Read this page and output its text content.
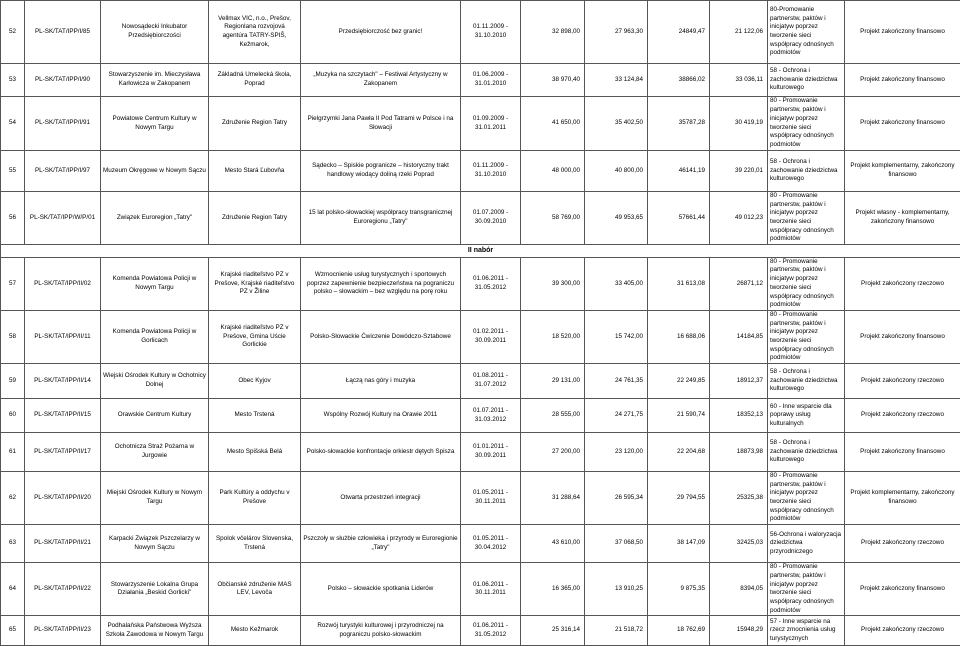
52	PL-SK/TAT/IPP/I/85	Nowosądecki Inkubator Przedsiębiorczości	Vellmax VIC, n.o., Prešov, Regionlana rozvojová agentúra TATRY-SPIŠ, Kežmarok,	Przedsiębiorczość bez granic!	01.11.2009 - 31.10.2010	32 898,00	27 963,30	24849,47	21 122,06	80-Promowanie partnerstw, paktów i inicjatyw poprzez tworzenie sieci współpracy odnośnych podmiotów	Projekt zakończony finansowo
53	PL-SK/TAT/IPP/I/90	Stowarzyszenie im. Mieczysława Karłowicza w Zakopanem	Základná Umelecká škola, Poprad	„Muzyka na szczytach" – Festiwal Artystyczny w Zakopanem	01.06.2009 - 31.01.2010	38 970,40	33 124,84	38866,02	33 036,11	58 - Ochrona i zachowanie dziedzictwa kulturowego	Projekt zakończony finansowo
54	PL-SK/TAT/IPP/I/91	Powiatowe Centrum Kultury w Nowym Targu	Združenie Region Tatry	Pielgrzymki Jana Pawła II Pod Tatrami w Polsce i na Słowacji	01.09.2009 - 31.01.2011	41 650,00	35 402,50	35787,28	30 419,19	80 - Promowanie partnerstw, paktów i inicjatyw poprzez tworzenie sieci współpracy odnośnych podmiotów	Projekt zakończony finansowo
55	PL-SK/TAT/IPP/I/97	Muzeum Okręgowe w Nowym Sączu	Mesto Stará Ľubovňa	Sądecko – Spiskie pogranicze – historyczny trakt handlowy wiodący doliną rzeki Poprad	01.11.2009 - 31.10.2010	48 000,00	40 800,00	46141,19	39 220,01	58 - Ochrona i zachowanie dziedzictwa kulturowego	Projekt komplementarny, zakończony finansowo
56	PL-SK/TAT/IPP/W/P/01	Związek Euroregion „Tatry"	Združenie Region Tatry	15 lat polsko-słowackiej współpracy transgranicznej Euroregionu „Tatry"	01.07.2009 - 30.09.2010	58 769,00	49 953,65	57661,44	49 012,23	80 - Promowanie partnerstw, paktów i inicjatyw poprzez tworzenie sieci współpracy odnośnych podmiotów	Projekt własny - komplementarny, zakończony finansowo
II nabór											
57	PL-SK/TAT/IPP/II/02	Komenda Powiatowa Policji w Nowym Targu	Krajské riaditeľstvo PZ v Prešove, Krajské riaditeľstvo PZ v Žiline	Wzmocnienie usług turystycznych i sportowych poprzez zapewnienie bezpieczeństwa na pograniczu polsko – słowackim – bez względu na porę roku	01.06.2011 - 31.05.2012	39 300,00	33 405,00	31 613,08	26871,12	80 - Promowanie partnerstw, paktów i inicjatyw poprzez tworzenie sieci współpracy odnośnych podmiotów	Projekt zakończony rzeczowo
58	PL-SK/TAT/IPP/II/11	Komenda Powiatowa Policji w Gorlicach	Krajské riaditeľstvo PZ v Prešove, Gmina Uście Gorlickie	Polsko-Słowackie Ćwiczenie Dowódczo-Sztabowe	01.02.2011 - 30.09.2011	18 520,00	15 742,00	16 688,06	14184,85	80 - Promowanie partnerstw, paktów i inicjatyw poprzez tworzenie sieci współpracy odnośnych podmiotów	Projekt zakończony finansowo
59	PL-SK/TAT/IPP/II/14	Wiejski Ośrodek Kultury w Ochotnicy Dolnej	Obec Kyjov	Łączą nas góry i muzyka	01.08.2011 - 31.07.2012	29 131,00	24 761,35	22 249,85	18912,37	58 - Ochrona i zachowanie dziedzictwa kulturowego	Projekt zakończony rzeczowo
60	PL-SK/TAT/IPP/II/15	Orawskie Centrum Kultury	Mesto Trstená	Wspólny Rozwój Kultury na Orawie 2011	01.07.2011 - 31.03.2012	28 555,00	24 271,75	21 590,74	18352,13	60 - Inne wsparcie dla poprawy usług kulturalnych	Projekt zakończony rzeczowo
61	PL-SK/TAT/IPP/II/17	Ochotnicza Straż Pożarna w Jurgowie	Mesto Spišská Belá	Polsko-słowackie konfrontacje orkiestr dętych Spisza	01.01.2011 - 30.09.2011	27 200,00	23 120,00	22 204,68	18873,98	58 - Ochrona i zachowanie dziedzictwa kulturowego	Projekt zakończony finansowo
62	PL-SK/TAT/IPP/II/20	Miejski Ośrodek Kultury w Nowym Targu	Park Kultúry a oddychu v Prešove	Otwarta przestrzeń integracji	01.05.2011 - 30.11.2011	31 288,64	26 595,34	29 794,55	25325,38	80 - Promowanie partnerstw, paktów i inicjatyw poprzez tworzenie sieci współpracy odnośnych podmiotów	Projekt komplementarny, zakończony finansowo
63	PL-SK/TAT/IPP/II/21	Karpacki Związek Pszczelarzy w Nowym Sączu	Spolok včelárov Slovenska, Trstená	Pszczoły w służbie człowieka i przyrody w Euroregionie „Tatry"	01.05.2011 - 30.04.2012	43 610,00	37 068,50	38 147,09	32425,03	56-Ochrona i waloryzacja dziedzictwa przyrodniczego	Projekt zakończony rzeczowo
64	PL-SK/TAT/IPP/II/22	Stowarzyszenie Lokalna Grupa Działania „Beskid Gorlicki"	Občianské združenie MAS LEV, Levoča	Polsko – słowackie spotkania Liderów	01.06.2011 - 30.11.2011	16 365,00	13 910,25	9 875,35	8394,05	80 - Promowanie partnerstw, paktów i inicjatyw poprzez tworzenie sieci współpracy odnośnych podmiotów	Projekt zakończony finansowo
65	PL-SK/TAT/IPP/II/23	Podhalańska Państwowa Wyższa Szkoła Zawodowa w Nowym Targu	Mesto Kežmarok	Rozwój turystyki kulturowej i przyrodniczej na pograniczu polsko-słowackim	01.06.2011 - 31.05.2012	25 316,14	21 518,72	18 762,69	15948,29	57 - Inne wsparcie na rzecz zmocnienia usług turystycznych	Projekt zakończony rzeczowo
